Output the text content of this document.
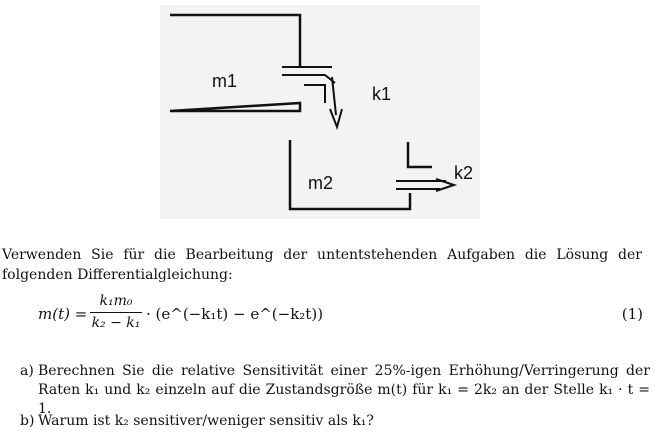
m1
k1
m2	k2
Verwenden Sie für die Bearbeitung der untentstehenden Aufgaben die Lösung der folgenden Differentialgleichung:
m(t) =
k₁m₀
k₂ − k₁ · (e^(−k₁t) − e^(−k₂t))	(1)
a) Berechnen Sie die relative Sensitivität einer 25%-igen Erhöhung/Verringerung der Raten k₁ und k₂ einzeln auf die Zustandsgröße m(t) für k₁ = 2k₂ an der Stelle k₁ · t = 1.
b) Warum ist k₂ sensitiver/weniger sensitiv als k₁?
